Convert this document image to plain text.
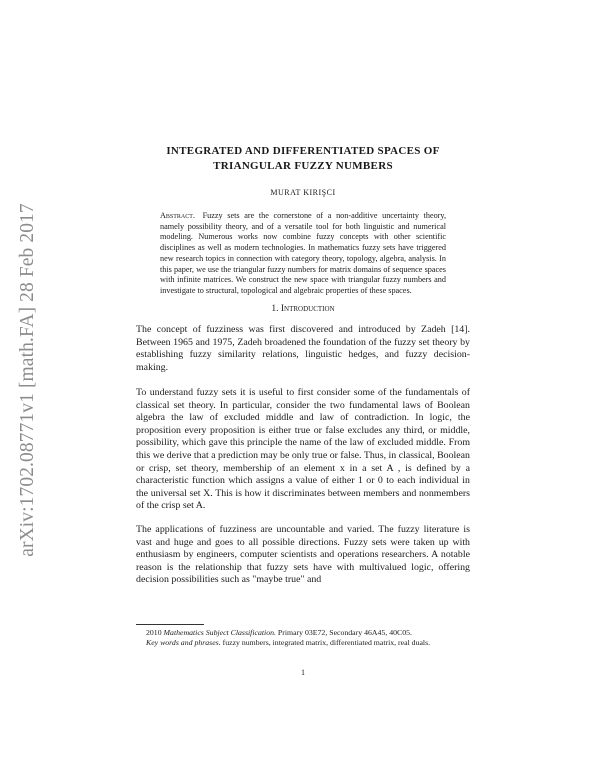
arXiv:1702.08771v1 [math.FA] 28 Feb 2017
INTEGRATED AND DIFFERENTIATED SPACES OF
TRIANGULAR FUZZY NUMBERS
MURAT KIRIŞCI
Abstract. Fuzzy sets are the cornerstone of a non-additive uncertainty theory, namely possibility theory, and of a versatile tool for both linguistic and numerical modeling. Numerous works now combine fuzzy concepts with other scientific disciplines as well as modern technologies. In mathematics fuzzy sets have triggered new research topics in connection with category theory, topology, algebra, analysis. In this paper, we use the triangular fuzzy numbers for matrix domains of sequence spaces with infinite matrices. We construct the new space with triangular fuzzy numbers and investigate to structural, topological and algebraic properties of these spaces.
1. Introduction

The concept of fuzziness was first discovered and introduced by Zadeh [14]. Between 1965 and 1975, Zadeh broadened the foundation of the fuzzy set theory by establishing fuzzy similarity relations, linguistic hedges, and fuzzy decision-making.

To understand fuzzy sets it is useful to first consider some of the fundamentals of classical set theory. In particular, consider the two fundamental laws of Boolean algebra the law of excluded middle and law of contradiction. In logic, the proposition every proposition is either true or false excludes any third, or middle, possibility, which gave this principle the name of the law of excluded middle. From this we derive that a prediction may be only true or false. Thus, in classical, Boolean or crisp, set theory, membership of an element x in a set A , is defined by a characteristic function which assigns a value of either 1 or 0 to each individual in the universal set X. This is how it discriminates between members and nonmembers of the crisp set A.

The applications of fuzziness are uncountable and varied. The fuzzy literature is vast and huge and goes to all possible directions. Fuzzy sets were taken up with enthusiasm by engineers, computer scientists and operations researchers. A notable reason is the relationship that fuzzy sets have with multivalued logic, offering decision possibilities such as "maybe true" and

2010 Mathematics Subject Classification. Primary 03E72, Secondary 46A45, 40C05.

Key words and phrases. fuzzy numbers, integrated matrix, differentiated matrix, real duals.

1
